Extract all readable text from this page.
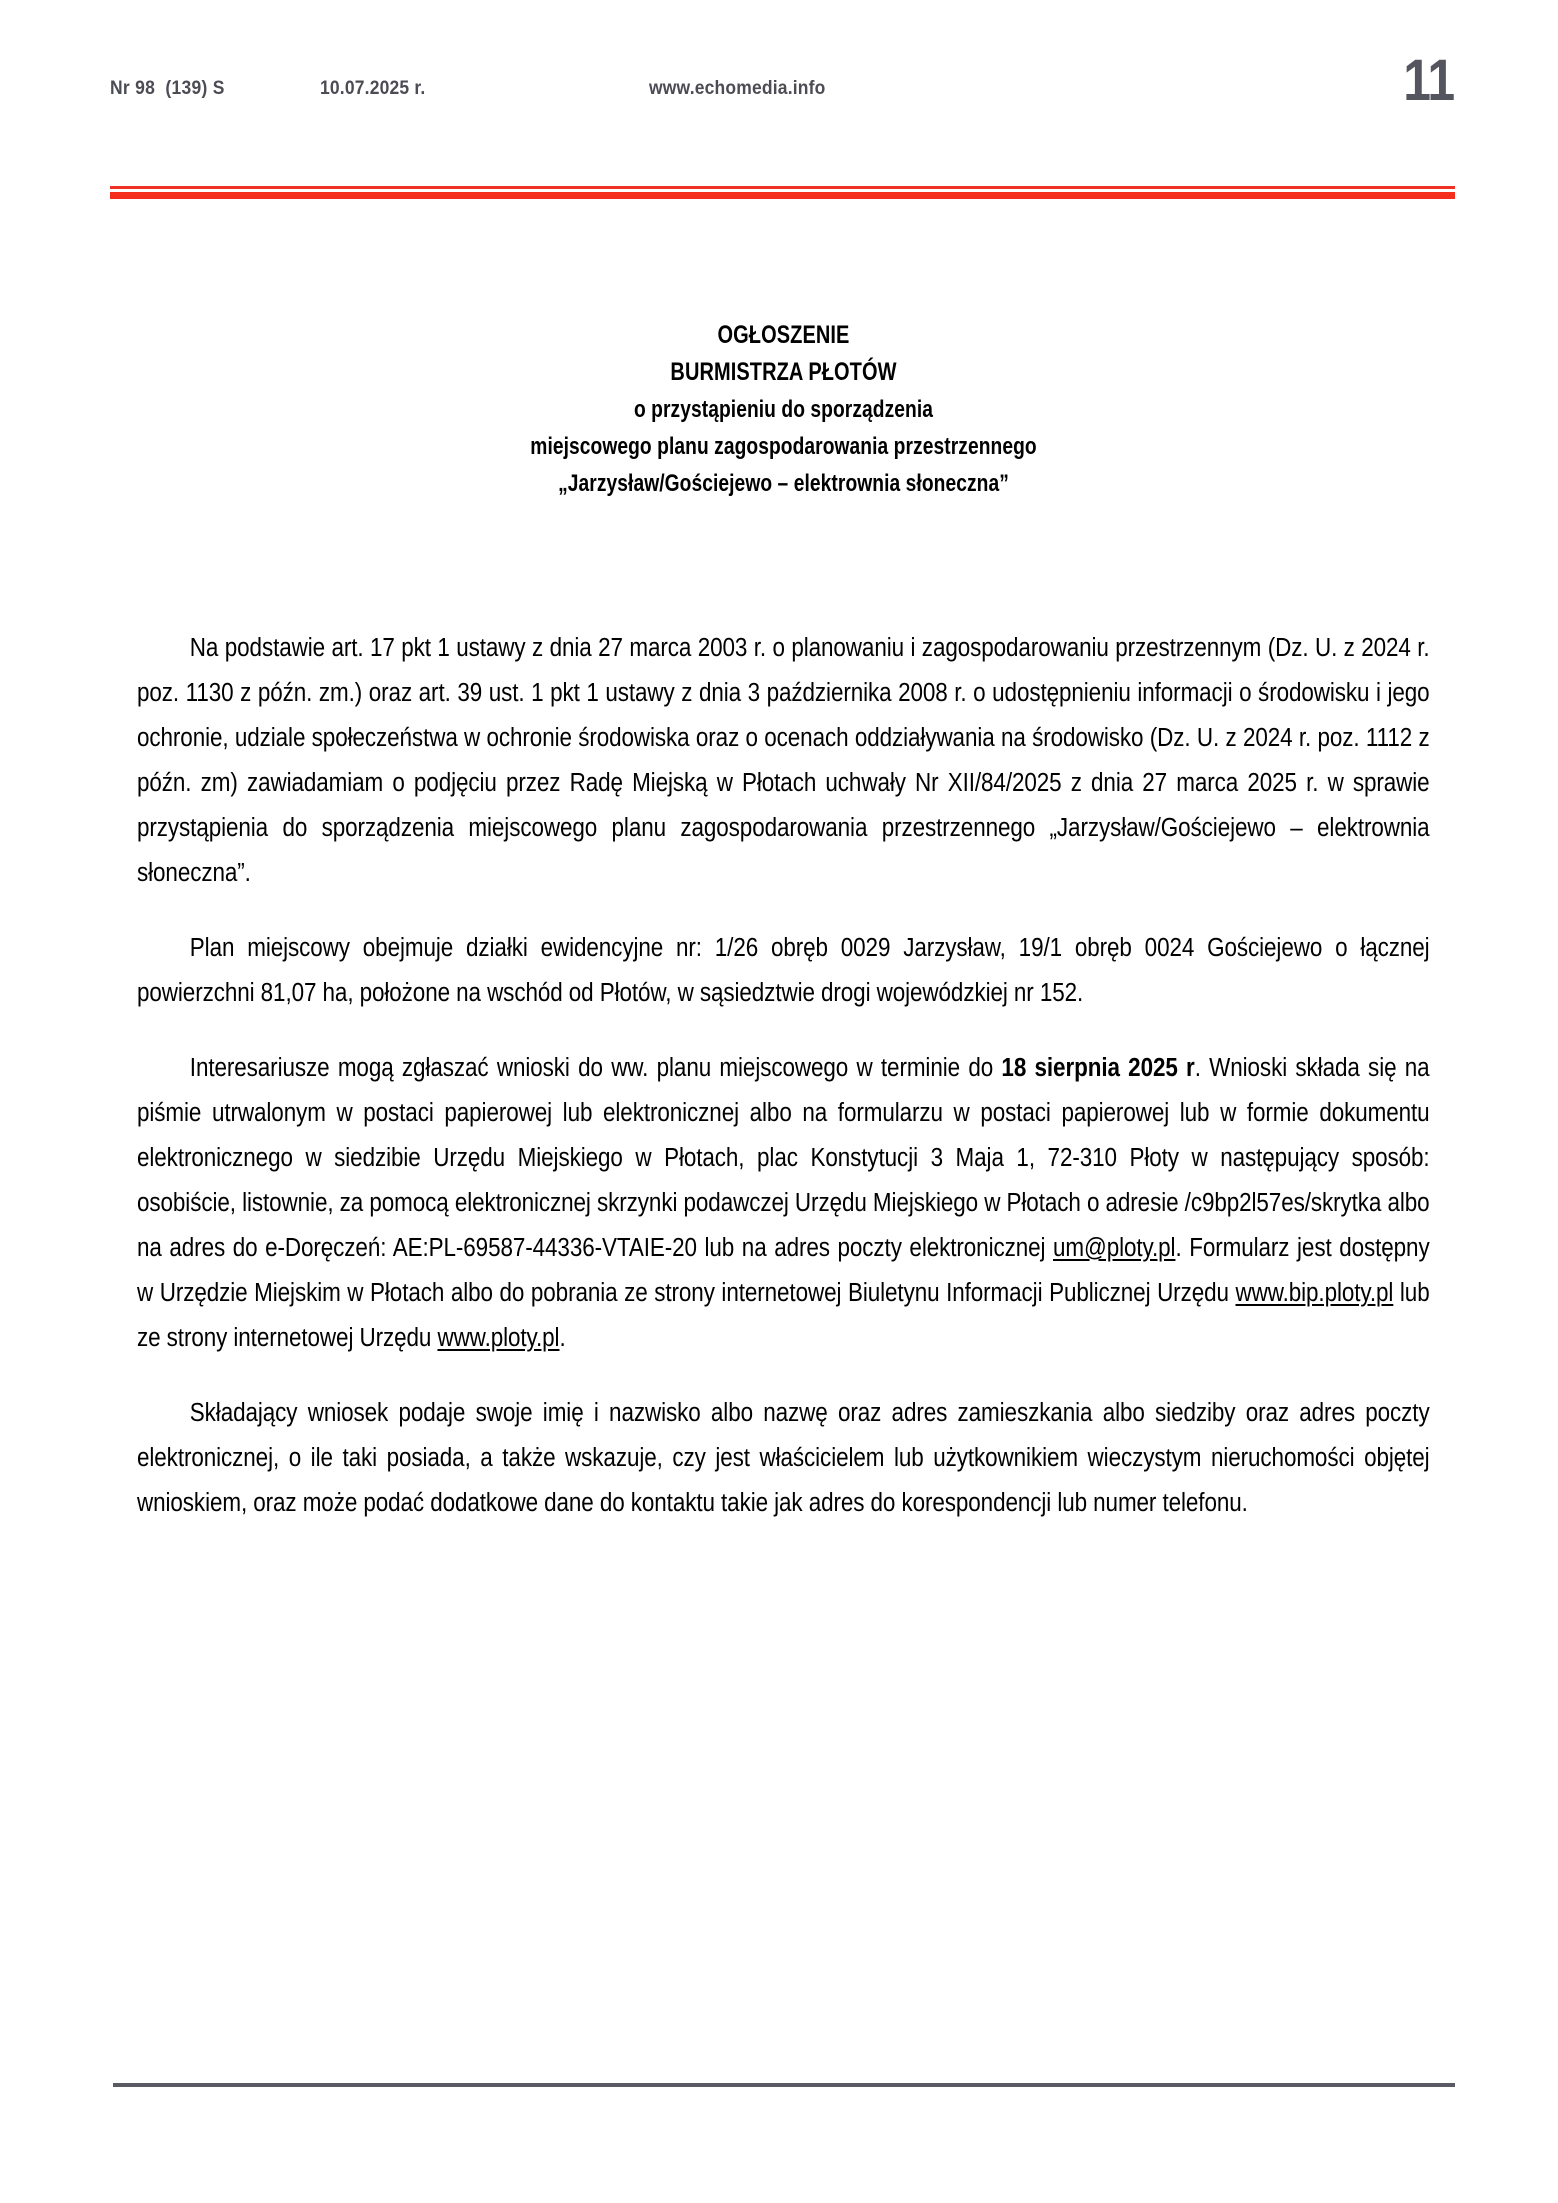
Nr 98  (139) S	10.07.2025 r.	www.echomedia.info	11
OGŁOSZENIE
BURMISTRZA PŁOTÓW
o przystąpieniu do sporządzenia
miejscowego planu zagospodarowania przestrzennego
„Jarzysław/Gościejewo – elektrownia słoneczna”

Na podstawie art. 17 pkt 1 ustawy z dnia 27 marca 2003 r. o planowaniu i zagospodarowaniu przestrzennym (Dz. U. z 2024 r. poz. 1130 z późn. zm.) oraz art. 39 ust. 1 pkt 1 ustawy z dnia 3 października 2008 r. o udostępnieniu informacji o środowisku i jego ochronie, udziale społeczeństwa w ochronie środowiska oraz o ocenach oddziaływania na środowisko (Dz. U. z 2024 r. poz. 1112 z późn. zm) zawiadamiam o podjęciu przez Radę Miejską w Płotach uchwały Nr XII/84/2025 z dnia 27 marca 2025 r. w sprawie przystąpienia do sporządzenia miejscowego planu zagospodarowania przestrzennego „Jarzysław/Gościejewo – elektrownia słoneczna”.

Plan miejscowy obejmuje działki ewidencyjne nr: 1/26 obręb 0029 Jarzysław, 19/1 obręb 0024 Gościejewo o łącznej powierzchni 81,07 ha, położone na wschód od Płotów, w sąsiedztwie drogi wojewódzkiej nr 152.

Interesariusze mogą zgłaszać wnioski do ww. planu miejscowego w terminie do 18 sierpnia 2025 r. Wnioski składa się na piśmie utrwalonym w postaci papierowej lub elektronicznej albo na formularzu w postaci papierowej lub w formie dokumentu elektronicznego w siedzibie Urzędu Miejskiego w Płotach, plac Konstytucji 3 Maja 1, 72-310 Płoty w następujący sposób: osobiście, listownie, za pomocą elektronicznej skrzynki podawczej Urzędu Miejskiego w Płotach o adresie /c9bp2l57es/skrytka albo na adres do e-Doręczeń: AE:PL-69587-44336-VTAIE-20 lub na adres poczty elektronicznej um@ploty.pl. Formularz jest dostępny w Urzędzie Miejskim w Płotach albo do pobrania ze strony internetowej Biuletynu Informacji Publicznej Urzędu www.bip.ploty.pl lub ze strony internetowej Urzędu www.ploty.pl.

Składający wniosek podaje swoje imię i nazwisko albo nazwę oraz adres zamieszkania albo siedziby oraz adres poczty elektronicznej, o ile taki posiada, a także wskazuje, czy jest właścicielem lub użytkownikiem wieczystym nieruchomości objętej wnioskiem, oraz może podać dodatkowe dane do kontaktu takie jak adres do korespondencji lub numer telefonu.
